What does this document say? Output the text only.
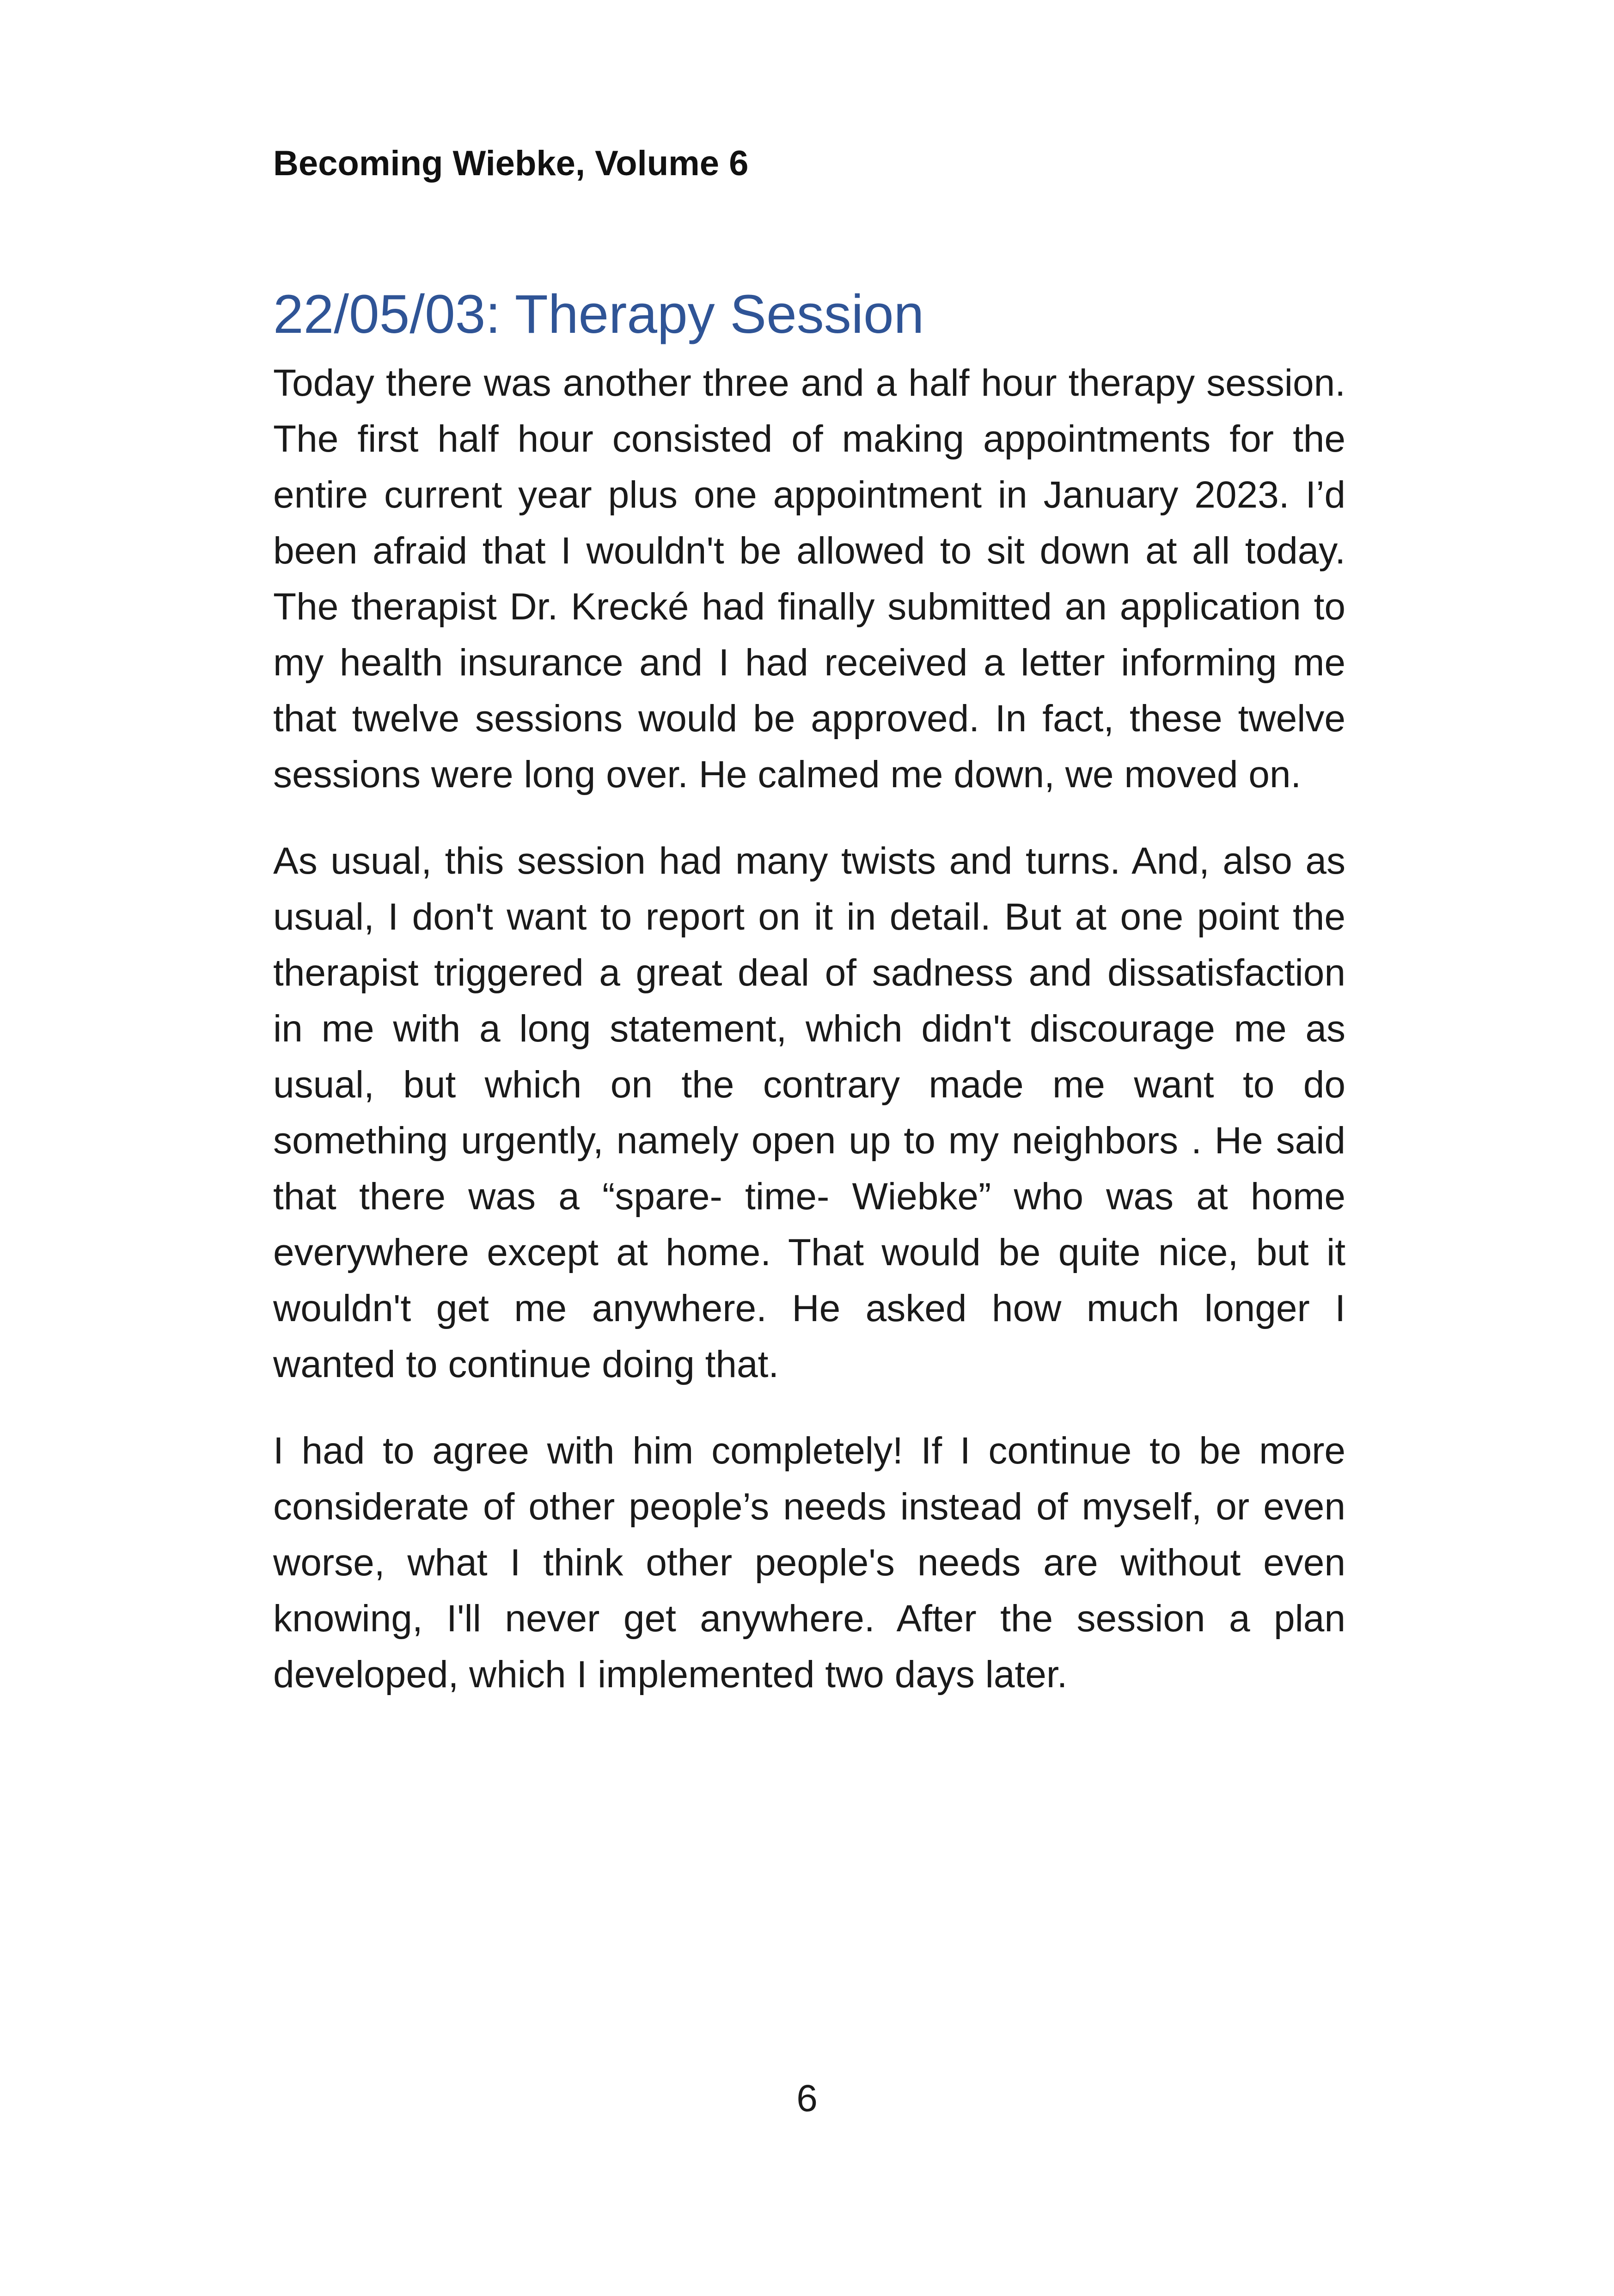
Becoming Wiebke, Volume 6
22/05/03: Therapy Session

Today there was another three and a half hour therapy session. The first half hour consisted of making appointments for the entire current year plus one appointment in January 2023. I’d been afraid that I wouldn't be allowed to sit down at all today. The therapist Dr. Krecké had finally submitted an application to my health insurance and I had received a letter informing me that twelve sessions would be approved. In fact, these twelve sessions were long over. He calmed me down, we moved on.

As usual, this session had many twists and turns. And, also as usual, I don't want to report on it in detail. But at one point the therapist triggered a great deal of sadness and dissatisfaction in me with a long statement, which didn't discourage me as usual, but which on the contrary made me want to do something urgently, namely open up to my neighbors . He said that there was a “spare- time- Wiebke” who was at home everywhere except at home. That would be quite nice, but it wouldn't get me anywhere. He asked how much longer I wanted to continue doing that.

I had to agree with him completely! If I continue to be more considerate of other people’s needs instead of myself, or even worse, what I think other people's needs are without even knowing, I'll never get anywhere. After the session a plan developed, which I implemented two days later.

6
